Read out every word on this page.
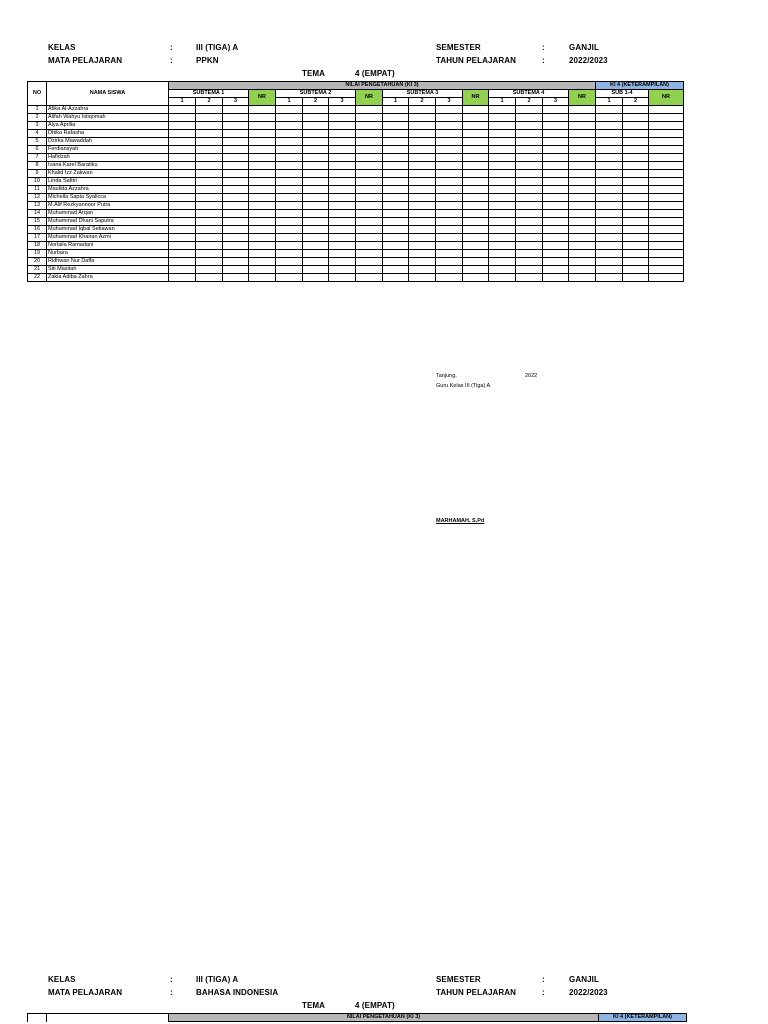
KELAS	:	III (TIGA) A
MATA PELAJARAN	:	PPKN
SEMESTER	:	GANJIL
TAHUN PELAJARAN	:	2022/2023
TEMA	4 (EMPAT)
NO	NAMA SISWA	NILAI PENGETAHUAN (KI 3)																KI 4 (KETERAMPILAN)		
		SUBTEMA 1			NR	SUBTEMA 2			NR	SUBTEMA 3			NR	SUBTEMA 4			NR	SUB 1-4		NR
		1	2	3		1	2	3		1	2	3		1	2	3		1	2	
1	Afika Al-Azzahra																			
2	Alifah Wahyu Istiqomah																			
3	Alya Aprilia																			
4	Dhika Rafasha																			
5	Dzirka Mawaddah																			
6	Ferdiansyah																			
7	Hafidzah																			
8	Ivana Karel Baratiku																			
9	Khalid Izz Zakwan																			
10	Linda Safitri																			
11	Maulida Azzahra																			
12	Michella Sapta Syalicca																			
13	M.Alif Rezkyannoor Putra																			
14	Muhammad Arqan																			
15	Muhammad Dhani Saputra																			
16	Muhammad Iqbal Setiawan																			
17	Muhammad Khairan Azmi																			
18	Norlaila Ramadani																			
19	Nurbara																			
20	Ridhwan Nur Daffa																			
21	Siti Masitah																			
22	Zakia Adiba Zahra																			
Tanjung,	2022
Guru Kelas III (Tiga) A
MARHAMAH, S.Pd
KELAS	:	III (TIGA) A
MATA PELAJARAN	:	BAHASA INDONESIA
SEMESTER	:	GANJIL
TAHUN PELAJARAN	:	2022/2023
TEMA	4 (EMPAT)
		NILAI PENGETAHUAN (KI 3)	KI 4 (KETERAMPILAN)
